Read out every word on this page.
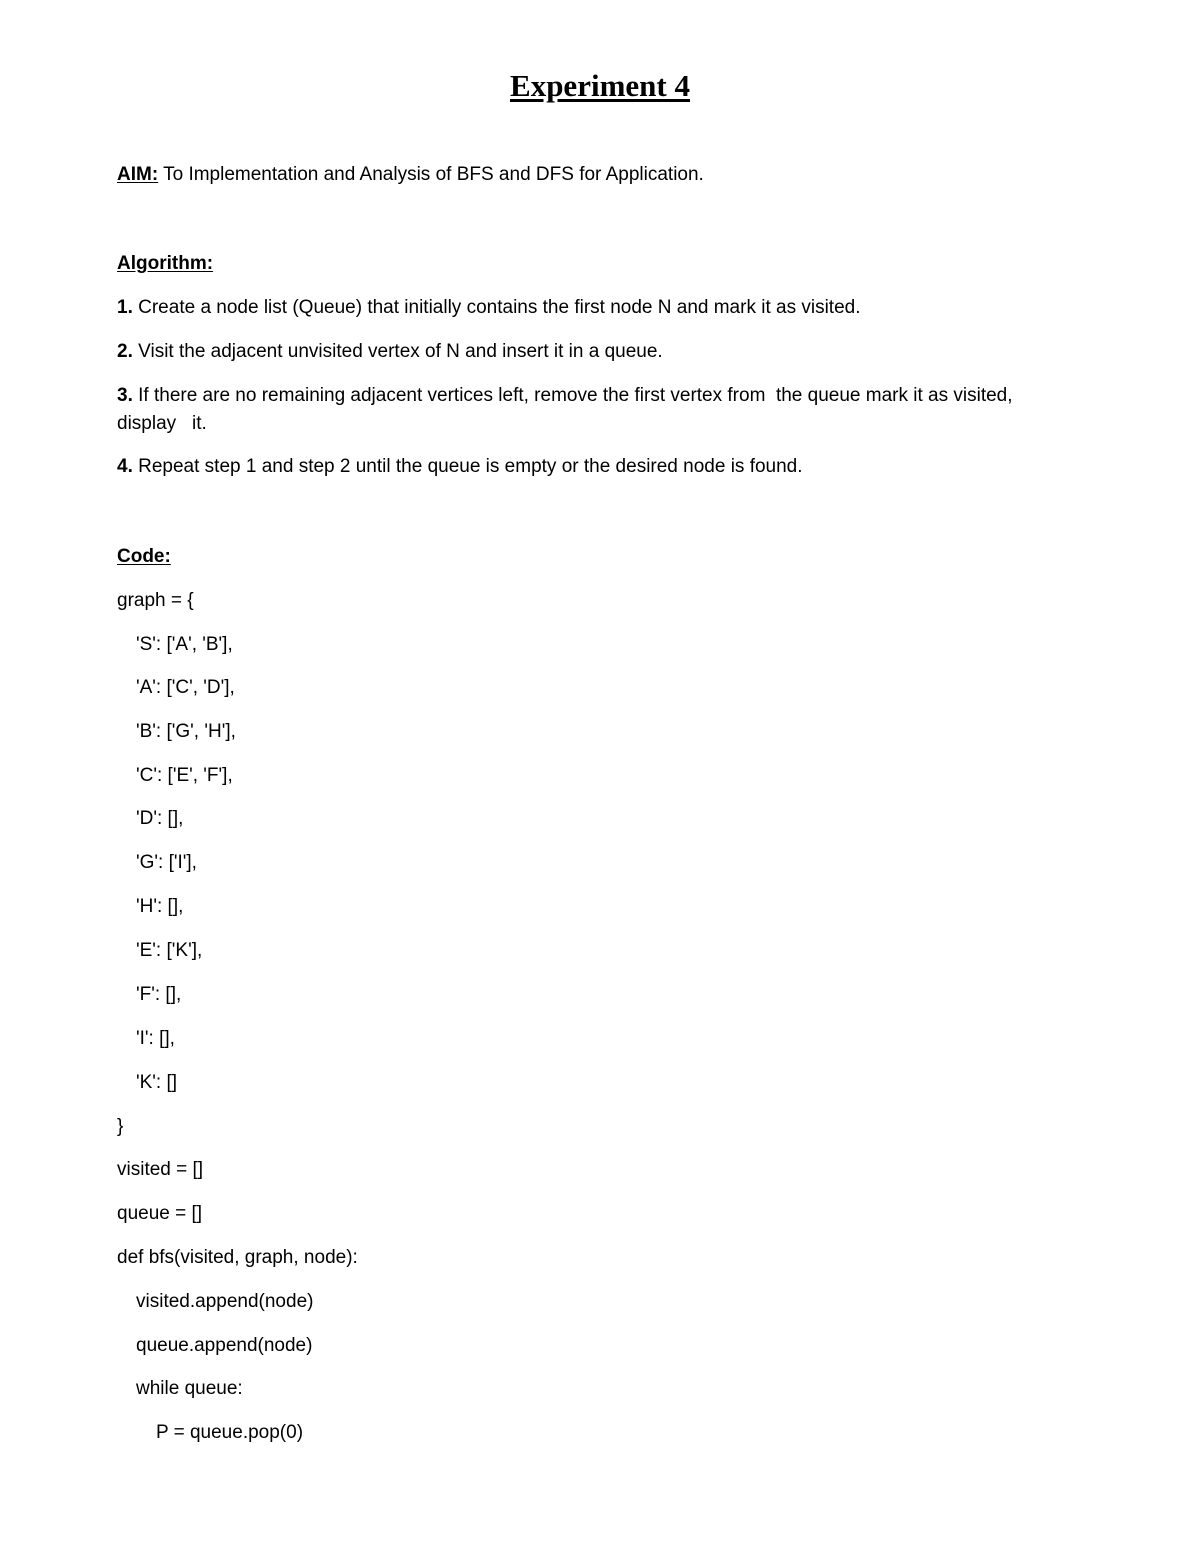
Experiment 4
AIM: To Implementation and Analysis of BFS and DFS for Application.
Algorithm:
1. Create a node list (Queue) that initially contains the first node N and mark it as visited.
2. Visit the adjacent unvisited vertex of N and insert it in a queue.
3. If there are no remaining adjacent vertices left, remove the first vertex from  the queue mark it as visited,
display   it.
4. Repeat step 1 and step 2 until the queue is empty or the desired node is found.
Code:
graph = {
'S': ['A', 'B'],
'A': ['C', 'D'],
'B': ['G', 'H'],
'C': ['E', 'F'],
'D': [],
'G': ['I'],
'H': [],
'E': ['K'],
'F': [],
'I': [],
'K': []
}
visited = []
queue = []
def bfs(visited, graph, node):
visited.append(node)
queue.append(node)
while queue:
P = queue.pop(0)
